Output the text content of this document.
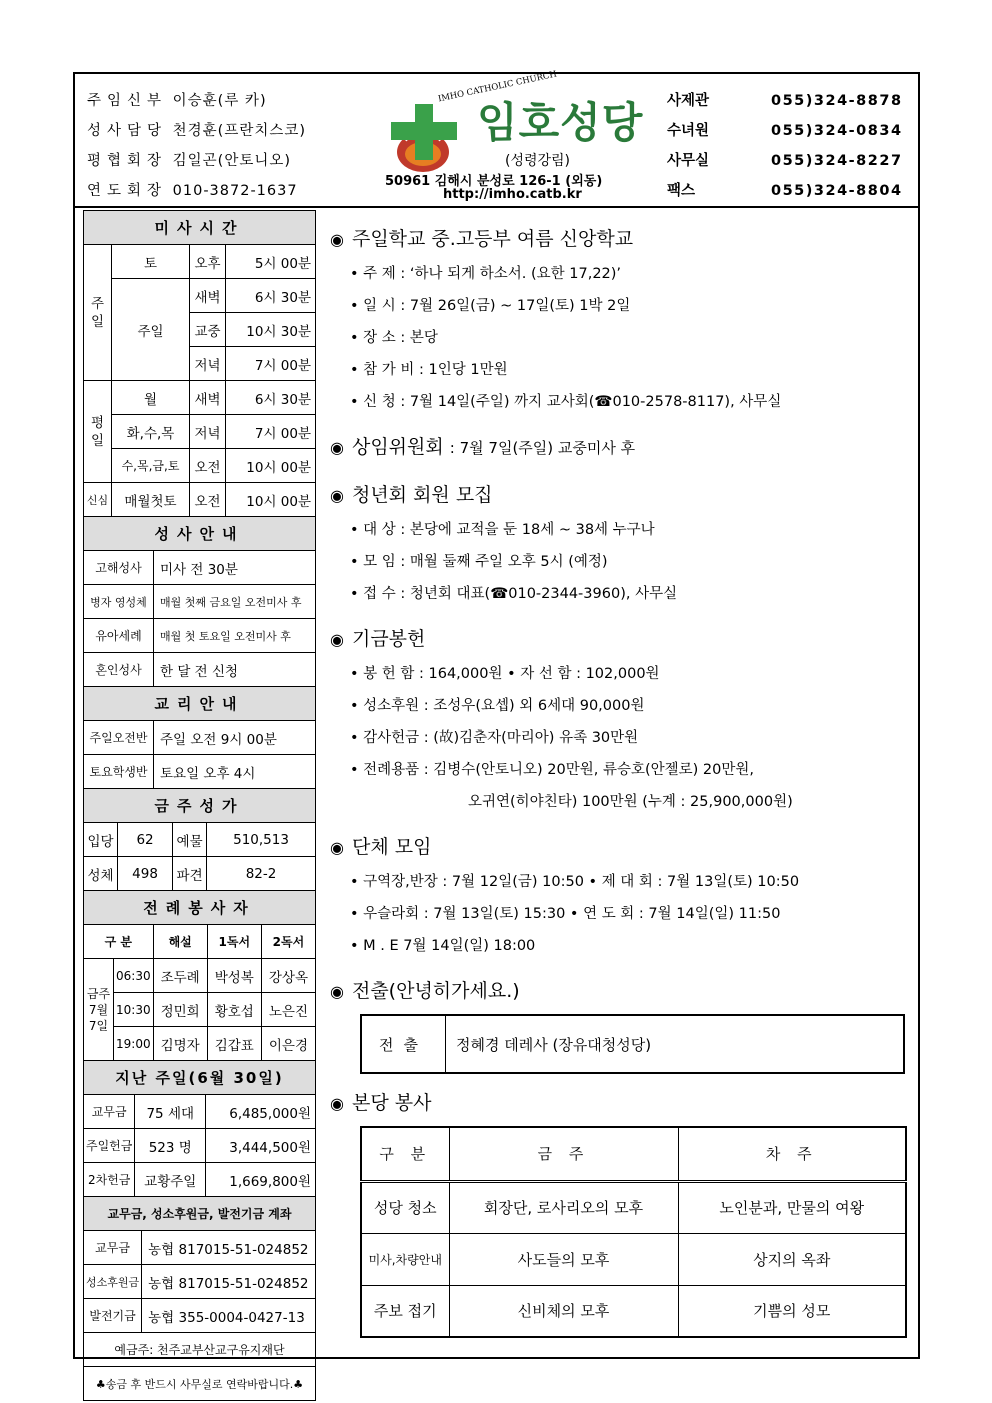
주임신부 이승훈(루 카)
성사담당 천경훈(프란치스코)
평협회장 김일곤(안토니오)
연도회장 010-3872-1637
IMHO CATHOLIC CHURCH
임호성당
(성령강림)
50961 김해시 분성로 126-1 (외동)
http://imho.catb.kr
사제관	055)324-8878
수녀원	055)324-0834
사무실	055)324-8227
팩스	055)324-8804
미사시간			
주일	토	오후	5시 00분
	주일	새벽	6시 30분
		교중	10시 30분
		저녁	7시 00분
평일	월	새벽	6시 30분
	화,수,목	저녁	7시 00분
	수,목,금,토	오전	10시 00분
신심	매월첫토	오전	10시 00분
성사안내	
고해성사	미사 전 30분
병자 영성체	매월 첫째 금요일 오전미사 후
유아세례	매월 첫 토요일 오전미사 후
혼인성사	한 달 전 신청
교리안내	
주일오전반	주일 오전 9시 00분
토요학생반	토요일 오후 4시
금주성가			
입당	62	예물	510,513
성체	498	파견	82-2
전례봉사자				
구 분		해설	1독서	2독서
금주 7월 7일	06:30	조두례	박성복	강상옥
	10:30	정민희	황호섭	노은진
	19:00	김명자	김갑표	이은경
지난 주일(6월 30일)		
교무금	75 세대	6,485,000원
주일헌금	523 명	3,444,500원
2차헌금	교황주일	1,669,800원
교무금, 성소후원금, 발전기금 계좌	
교무금	농협 817015-51-024852
성소후원금	농협 817015-51-024852
발전기금	농협 355-0004-0427-13
예금주: 천주교부산교구유지재단	
♣송금 후 반드시 사무실로 연락바랍니다.♣	
◉ 주일학교 중.고등부 여름 신앙학교
• 주 제 : ‘하나 되게 하소서. (요한 17,22)’
• 일 시 : 7월 26일(금) ~ 17일(토) 1박 2일
• 장 소 : 본당
• 참 가 비 : 1인당 1만원
• 신 청 : 7월 14일(주일) 까지 교사회(☎010-2578-8117), 사무실
◉ 상임위원회 : 7월 7일(주일) 교중미사 후
◉ 청년회 회원 모집
• 대 상 : 본당에 교적을 둔 18세 ~ 38세 누구나
• 모 임 : 매월 둘째 주일 오후 5시 (예정)
• 접 수 : 청년회 대표(☎010-2344-3960), 사무실
◉ 기금봉헌
• 봉 헌 함 : 164,000원 • 자 선 함 : 102,000원
• 성소후원 : 조성우(요셉) 외 6세대 90,000원
• 감사헌금 : (故)김춘자(마리아) 유족 30만원
• 전례용품 : 김병수(안토니오) 20만원, 류승호(안젤로) 20만원,
오귀연(히야친타) 100만원 (누계 : 25,900,000원)
◉ 단체 모임
• 구역장,반장 : 7월 12일(금) 10:50 • 제 대 회 : 7월 13일(토) 10:50
• 우슬라회 : 7월 13일(토) 15:30 • 연 도 회 : 7월 14일(일) 11:50
• M . E 7월 14일(일) 18:00
◉ 전출(안녕히가세요.)
전출	정혜경 데레사 (장유대청성당)
◉ 본당 봉사
구 분	금 주	차 주
성당 청소	회장단, 로사리오의 모후	노인분과, 만물의 여왕
미사,차량안내	사도들의 모후	상지의 옥좌
주보 접기	신비체의 모후	기쁨의 성모
